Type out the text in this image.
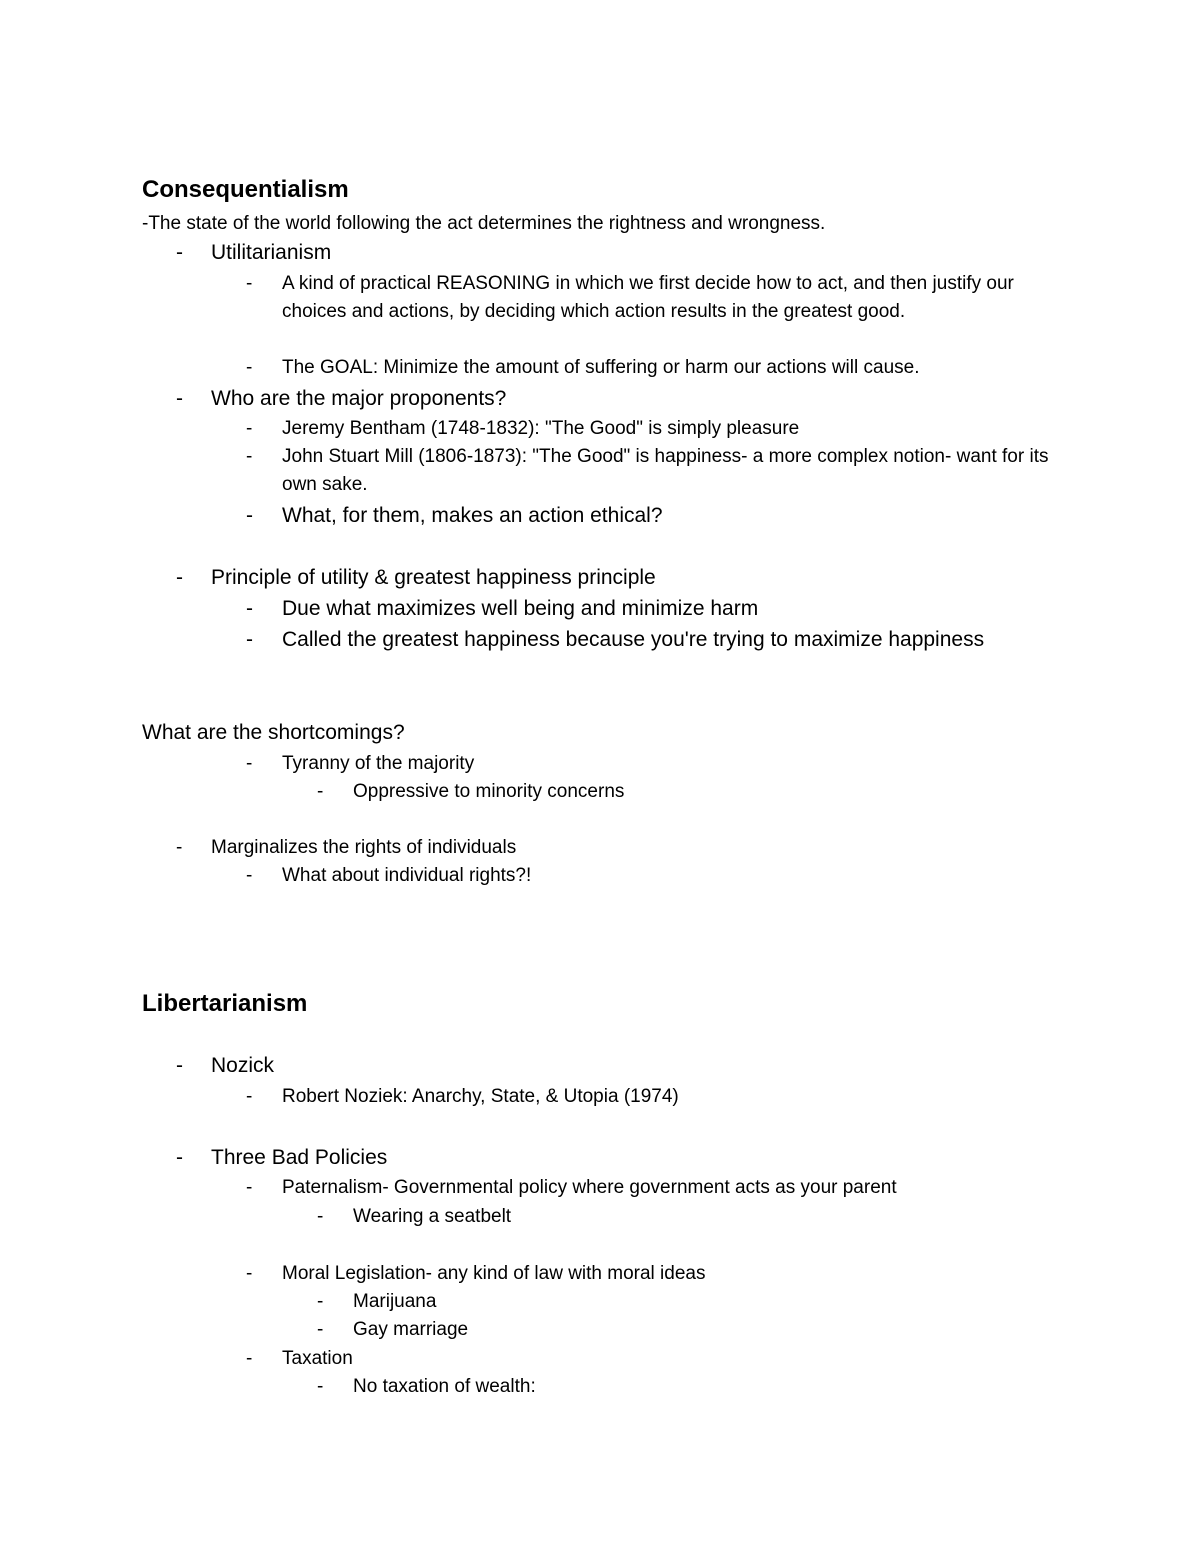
Consequentialism
-The state of the world following the act determines the rightness and wrongness.
- Utilitarianism
- A kind of practical REASONING in which we first decide how to act, and then justify our choices and actions, by deciding which action results in the greatest good.
- The GOAL: Minimize the amount of suffering or harm our actions will cause.
- Who are the major proponents?
- Jeremy Bentham (1748-1832): "The Good" is simply pleasure
- John Stuart Mill (1806-1873): "The Good" is happiness- a more complex notion- want for its own sake.
- What, for them, makes an action ethical?
- Principle of utility & greatest happiness principle
- Due what maximizes well being and minimize harm
- Called the greatest happiness because you're trying to maximize happiness
What are the shortcomings?
- Tyranny of the majority
- Oppressive to minority concerns
- Marginalizes the rights of individuals
- What about individual rights?!
Libertarianism
- Nozick
- Robert Noziek: Anarchy, State, & Utopia (1974)
- Three Bad Policies
- Paternalism- Governmental policy where government acts as your parent
- Wearing a seatbelt
- Moral Legislation- any kind of law with moral ideas
- Marijuana
- Gay marriage
- Taxation
- No taxation of wealth:
